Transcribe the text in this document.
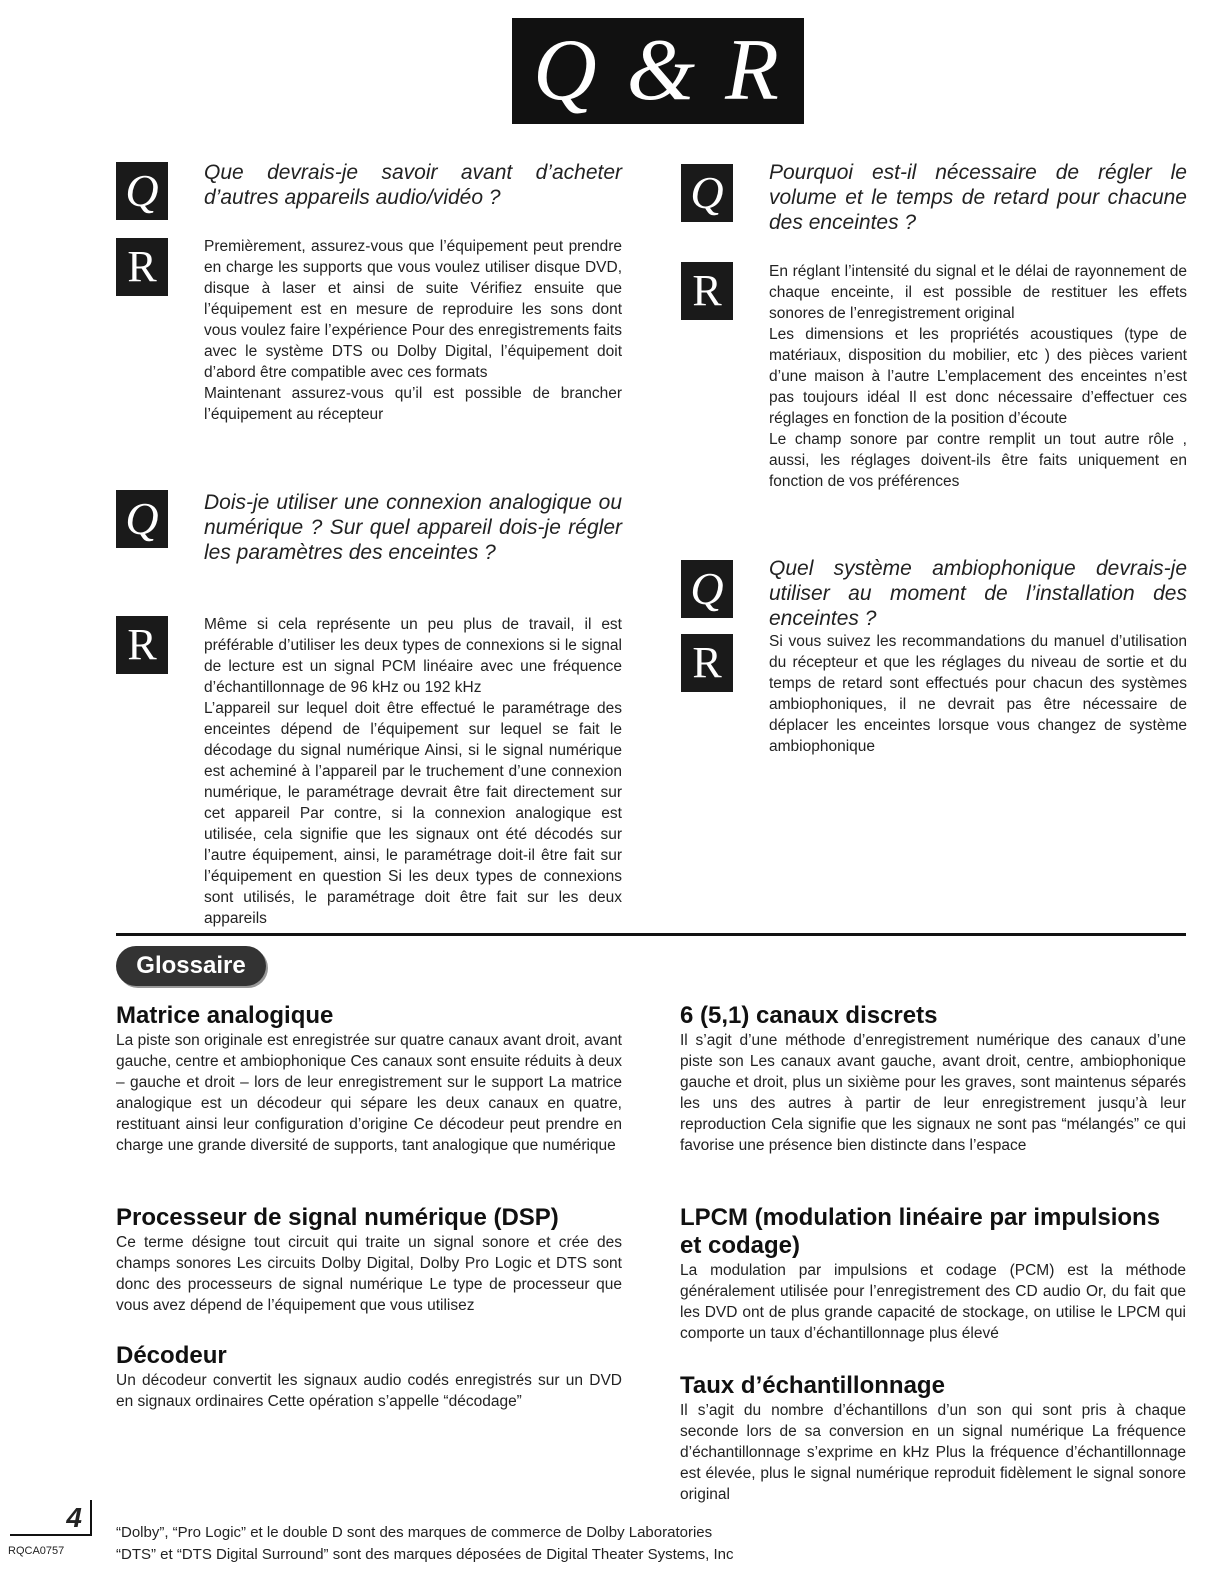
Q & R
Q	Que devrais-je savoir avant d’acheter d’autres appareils audio/vidéo ?
R	Premièrement, assurez-vous que l’équipement peut prendre en charge les supports que vous voulez utiliser disque DVD, disque à laser et ainsi de suite Vérifiez ensuite que l’équipement est en mesure de reproduire les sons dont vous voulez faire l’expérience Pour des enregistrements faits avec le système DTS ou Dolby Digital, l’équipement doit d’abord être compatible avec ces formats

Maintenant assurez-vous qu’il est possible de brancher l’équipement au récepteur

Q	Dois-je utiliser une connexion analogique ou numérique ? Sur quel appareil dois-je régler les paramètres des enceintes ?
R	Même si cela représente un peu plus de travail, il est préférable d’utiliser les deux types de connexions si le signal de lecture est un signal PCM linéaire avec une fréquence d’échantillonnage de 96 kHz ou 192 kHz

L’appareil sur lequel doit être effectué le paramétrage des enceintes dépend de l’équipement sur lequel se fait le décodage du signal numérique Ainsi, si le signal numérique est acheminé à l’appareil par le truchement d’une connexion numérique, le paramétrage devrait être fait directement sur cet appareil Par contre, si la connexion analogique est utilisée, cela signifie que les signaux ont été décodés sur l’autre équipement, ainsi, le paramétrage doit-il être fait sur l’équipement en question Si les deux types de connexions sont utilisés, le paramétrage doit être fait sur les deux appareils

Q	Pourquoi est-il nécessaire de régler le volume et le temps de retard pour chacune des enceintes ?
R	En réglant l’intensité du signal et le délai de rayonnement de chaque enceinte, il est possible de restituer les effets sonores de l’enregistrement original

Les dimensions et les propriétés acoustiques (type de matériaux, disposition du mobilier, etc ) des pièces varient d’une maison à l’autre L’emplacement des enceintes n’est pas toujours idéal Il est donc nécessaire d’effectuer ces réglages en fonction de la position d’écoute

Le champ sonore par contre remplit un tout autre rôle , aussi, les réglages doivent-ils être faits uniquement en fonction de vos préférences

Q	Quel système ambiophonique devrais-je utiliser au moment de l’installation des enceintes ?
R	Si vous suivez les recommandations du manuel d’utilisation du récepteur et que les réglages du niveau de sortie et du temps de retard sont effectués pour chacun des systèmes ambiophoniques, il ne devrait pas être nécessaire de déplacer les enceintes lorsque vous changez de système ambiophonique

Glossaire
Matrice analogique

La piste son originale est enregistrée sur quatre canaux avant droit, avant gauche, centre et ambiophonique Ces canaux sont ensuite réduits à deux – gauche et droit – lors de leur enregistrement sur le support La matrice analogique est un décodeur qui sépare les deux canaux en quatre, restituant ainsi leur configuration d’origine Ce décodeur peut prendre en charge une grande diversité de supports, tant analogique que numérique

Processeur de signal numérique (DSP)

Ce terme désigne tout circuit qui traite un signal sonore et crée des champs sonores Les circuits Dolby Digital, Dolby Pro Logic et DTS sont donc des processeurs de signal numérique Le type de processeur que vous avez dépend de l’équipement que vous utilisez

Décodeur

Un décodeur convertit les signaux audio codés enregistrés sur un DVD en signaux ordinaires Cette opération s’appelle “décodage”

6 (5,1) canaux discrets

Il s’agit d’une méthode d’enregistrement numérique des canaux d’une piste son Les canaux avant gauche, avant droit, centre, ambiophonique gauche et droit, plus un sixième pour les graves, sont maintenus séparés les uns des autres à partir de leur enregistrement jusqu’à leur reproduction Cela signifie que les signaux ne sont pas “mélangés” ce qui favorise une présence bien distincte dans l’espace

LPCM (modulation linéaire par impulsions et codage)

La modulation par impulsions et codage (PCM) est la méthode généralement utilisée pour l’enregistrement des CD audio Or, du fait que les DVD ont de plus grande capacité de stockage, on utilise le LPCM qui comporte un taux d’échantillonnage plus élevé

Taux d’échantillonnage

Il s’agit du nombre d’échantillons d’un son qui sont pris à chaque seconde lors de sa conversion en un signal numérique La fréquence d’échantillonnage s’exprime en kHz Plus la fréquence d’échantillonnage est élevée, plus le signal numérique reproduit fidèlement le signal sonore original

4
RQCA0757
“Dolby”, “Pro Logic” et le double D sont des marques de commerce de Dolby Laboratories
“DTS” et “DTS Digital Surround” sont des marques déposées de Digital Theater Systems, Inc
